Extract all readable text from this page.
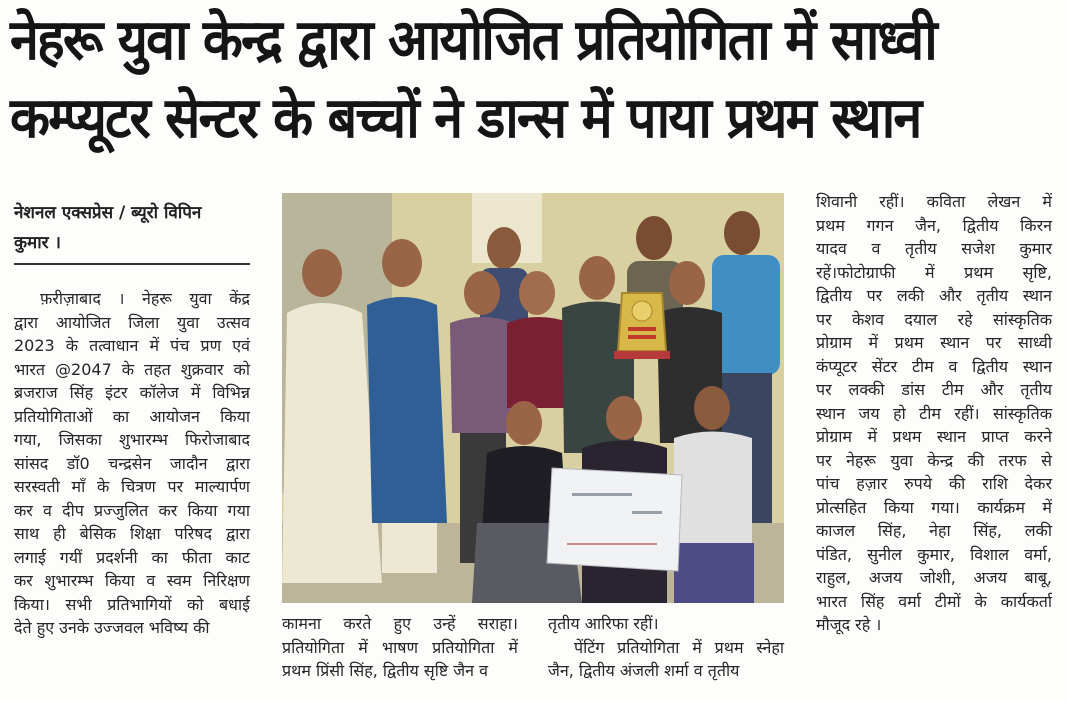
नेहरू युवा केन्द्र द्वारा आयोजित प्रतियोगिता में साध्वी
कम्प्यूटर सेन्टर के बच्चों ने डान्स में पाया प्रथम स्थान
नेशनल एक्सप्रेस / ब्यूरो विपिन
कुमार ।
फ़रीज़ाबाद । नेहरू युवा केंद्र
द्वारा आयोजित जिला युवा उत्सव
2023 के तत्वाधान में पंच प्रण एवं
भारत @2047 के तहत शुक्रवार को
ब्रजराज सिंह इंटर कॉलेज में विभिन्न
प्रतियोगिताओं का आयोजन किया
गया, जिसका शुभारम्भ फिरोजाबाद
सांसद डॉ0 चन्द्रसेन जादौन द्वारा
सरस्वती माँ के चित्रण पर माल्यार्पण
कर व दीप प्रज्जुलित कर किया गया
साथ ही बेसिक शिक्षा परिषद द्वारा
लगाई गयीं प्रदर्शनी का फीता काट
कर शुभारम्भ किया व स्वम निरिक्षण
किया। सभी प्रतिभागियों को बधाई
देते हुए उनके उज्जवल भविष्य की	कामना करते हुए उन्हें सराहा।
प्रतियोगिता में भाषण प्रतियोगिता में
प्रथम प्रिंसी सिंह, द्वितीय सृष्टि जैन व
तृतीय आरिफा रहीं।
पेंटिंग प्रतियोगिता में प्रथम स्नेहा
जैन, द्वितीय अंजली शर्मा व तृतीय
शिवानी रहीं। कविता लेखन में
प्रथम गगन जैन, द्वितीय किरन
यादव व तृतीय सजेश कुमार
रहें।फोटोग्राफी में प्रथम सृष्टि,
द्वितीय पर लकी और तृतीय स्थान
पर केशव दयाल रहे सांस्कृतिक
प्रोग्राम में प्रथम स्थान पर साध्वी
कंप्यूटर सेंटर टीम व द्वितीय स्थान
पर लक्की डांस टीम और तृतीय
स्थान जय हो टीम रहीं। सांस्कृतिक
प्रोग्राम में प्रथम स्थान प्राप्त करने
पर नेहरू युवा केन्द्र की तरफ से
पांच हज़ार रुपये की राशि देकर
प्रोत्सहित किया गया। कार्यक्रम में
काजल सिंह, नेहा सिंह, लकी
पंडित, सुनील कुमार, विशाल वर्मा,
राहुल, अजय जोशी, अजय बाबू,
भारत सिंह वर्मा टीमों के कार्यकर्ता
मौजूद रहे ।
